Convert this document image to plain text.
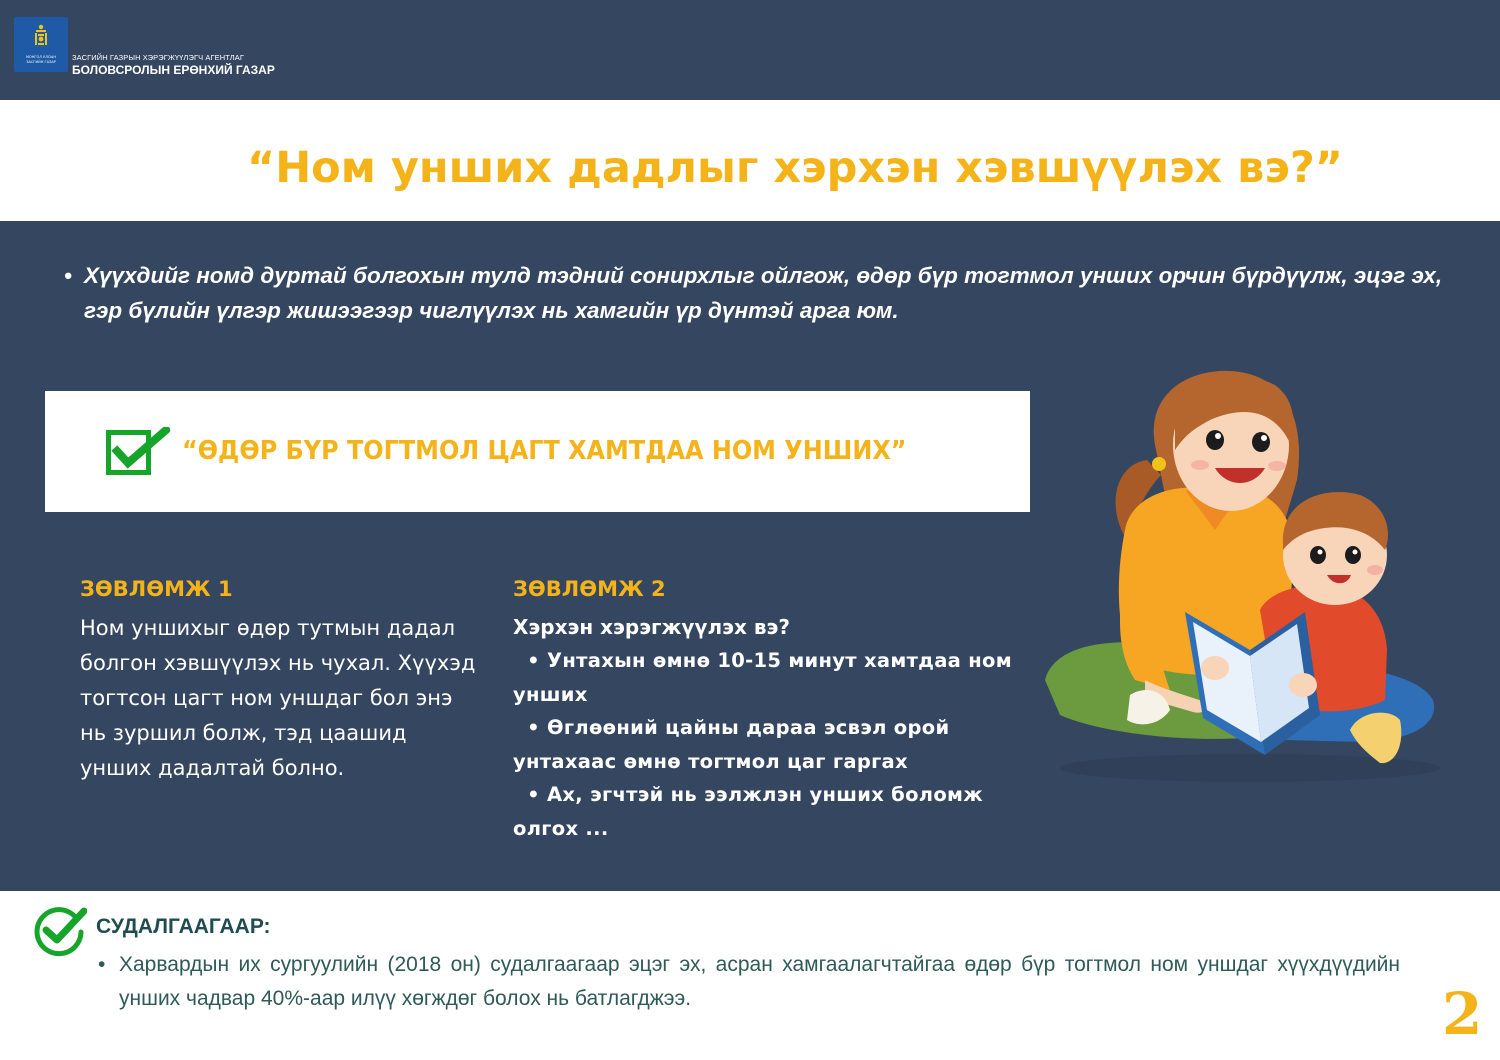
МОНГОЛ УЛСЫН ЗАСГИЙН ГАЗАР	ЗАСГИЙН ГАЗРЫН ХЭРЭГЖҮҮЛЭГЧ АГЕНТЛАГ
БОЛОВСРОЛЫН ЕРӨНХИЙ ГАЗАР
“Ном унших дадлыг хэрхэн хэвшүүлэх вэ?”
• Хүүхдийг номд дуртай болгохын тулд тэдний сонирхлыг ойлгож, өдөр бүр тогтмол унших орчин бүрдүүлж, эцэг эх, гэр бүлийн үлгэр жишээгээр чиглүүлэх нь хамгийн үр дүнтэй арга юм.
“ӨДӨР БҮР ТОГТМОЛ ЦАГТ ХАМТДАА НОМ УНШИХ”
ЗӨВЛӨМЖ 1
Ном уншихыг өдөр тутмын дадал болгон хэвшүүлэх нь чухал. Хүүхэд тогтсон цагт ном уншдаг бол энэ нь зуршил болж, тэд цаашид унших дадалтай болно.
ЗӨВЛӨМЖ 2
Хэрхэн хэрэгжүүлэх вэ?
• Унтахын өмнө 10-15 минут хамтдаа ном унших
• Өглөөний цайны дараа эсвэл орой унтахаас өмнө тогтмол цаг гаргах
• Ах, эгчтэй нь ээлжлэн унших боломж олгох ...
СУДАЛГААГААР:
• Харвардын их сургуулийн (2018 он) судалгаагаар эцэг эх, асран хамгаалагчтайгаа өдөр бүр тогтмол ном уншдаг хүүхдүүдийн унших чадвар 40%-аар илүү хөгждөг болох нь батлагджээ.	2
